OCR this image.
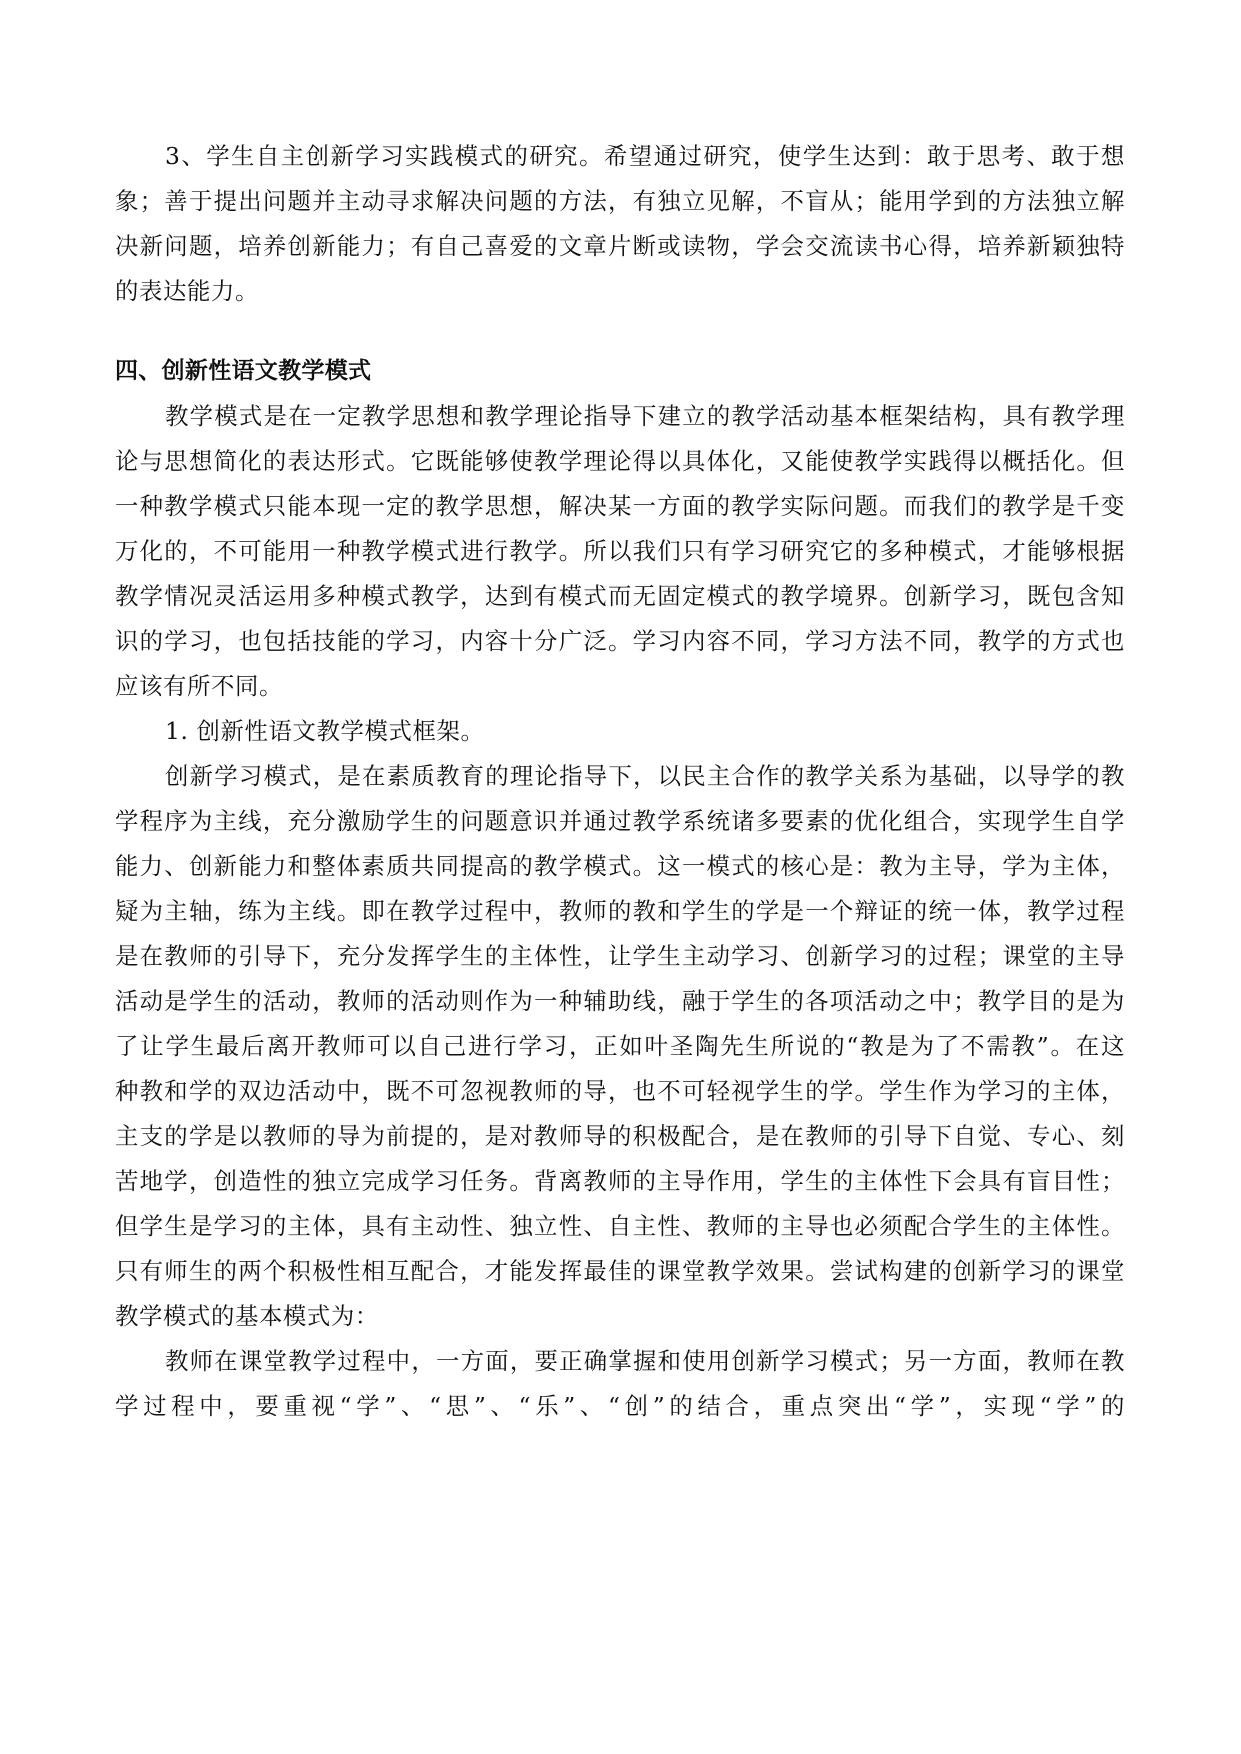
3、学生自主创新学习实践模式的研究。希望通过研究，使学生达到：敢于思考、敢于想
象；善于提出问题并主动寻求解决问题的方法，有独立见解，不盲从；能用学到的方法独立解
决新问题，培养创新能力；有自己喜爱的文章片断或读物，学会交流读书心得，培养新颖独特
的表达能力。
四、创新性语文教学模式
教学模式是在一定教学思想和教学理论指导下建立的教学活动基本框架结构，具有教学理
论与思想简化的表达形式。它既能够使教学理论得以具体化，又能使教学实践得以概括化。但
一种教学模式只能本现一定的教学思想，解决某一方面的教学实际问题。而我们的教学是千变
万化的，不可能用一种教学模式进行教学。所以我们只有学习研究它的多种模式，才能够根据
教学情况灵活运用多种模式教学，达到有模式而无固定模式的教学境界。创新学习，既包含知
识的学习，也包括技能的学习，内容十分广泛。学习内容不同，学习方法不同，教学的方式也
应该有所不同。
1. 创新性语文教学模式框架。
创新学习模式，是在素质教育的理论指导下，以民主合作的教学关系为基础，以导学的教
学程序为主线，充分激励学生的问题意识并通过教学系统诸多要素的优化组合，实现学生自学
能力、创新能力和整体素质共同提高的教学模式。这一模式的核心是：教为主导，学为主体，
疑为主轴，练为主线。即在教学过程中，教师的教和学生的学是一个辩证的统一体，教学过程
是在教师的引导下，充分发挥学生的主体性，让学生主动学习、创新学习的过程；课堂的主导
活动是学生的活动，教师的活动则作为一种辅助线，融于学生的各项活动之中；教学目的是为
了让学生最后离开教师可以自己进行学习，正如叶圣陶先生所说的“教是为了不需教”。在这
种教和学的双边活动中，既不可忽视教师的导，也不可轻视学生的学。学生作为学习的主体，
主支的学是以教师的导为前提的，是对教师导的积极配合，是在教师的引导下自觉、专心、刻
苦地学，创造性的独立完成学习任务。背离教师的主导作用，学生的主体性下会具有盲目性；
但学生是学习的主体，具有主动性、独立性、自主性、教师的主导也必须配合学生的主体性。
只有师生的两个积极性相互配合，才能发挥最佳的课堂教学效果。尝试构建的创新学习的课堂
教学模式的基本模式为：
教师在课堂教学过程中，一方面，要正确掌握和使用创新学习模式；另一方面，教师在教
学过程中，要重视“学”、“思”、“乐”、“创”的结合，重点突出“学”，实现“学”的
